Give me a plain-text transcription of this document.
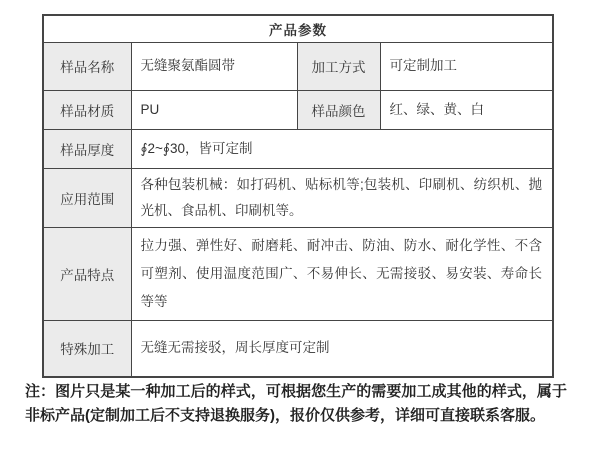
产品参数			
样品名称	无缝聚氨酯圆带	加工方式	可定制加工
样品材质	PU	样品颜色	红、绿、黄、白
样品厚度	∮2~∮30，皆可定制		
应用范围	各种包装机械：如打码机、贴标机等;包装机、印刷机、纺织机、抛光机、食品机、印刷机等。		
产品特点	拉力强、弹性好、耐磨耗、耐冲击、防油、防水、耐化学性、不含可塑剂、使用温度范围广、不易伸长、无需接驳、易安装、寿命长等等		
特殊加工	无缝无需接驳，周长厚度可定制		

注：图片只是某一种加工后的样式，可根据您生产的需要加工成其他的样式，属于非标产品(定制加工后不支持退换服务)，报价仅供参考，详细可直接联系客服。
